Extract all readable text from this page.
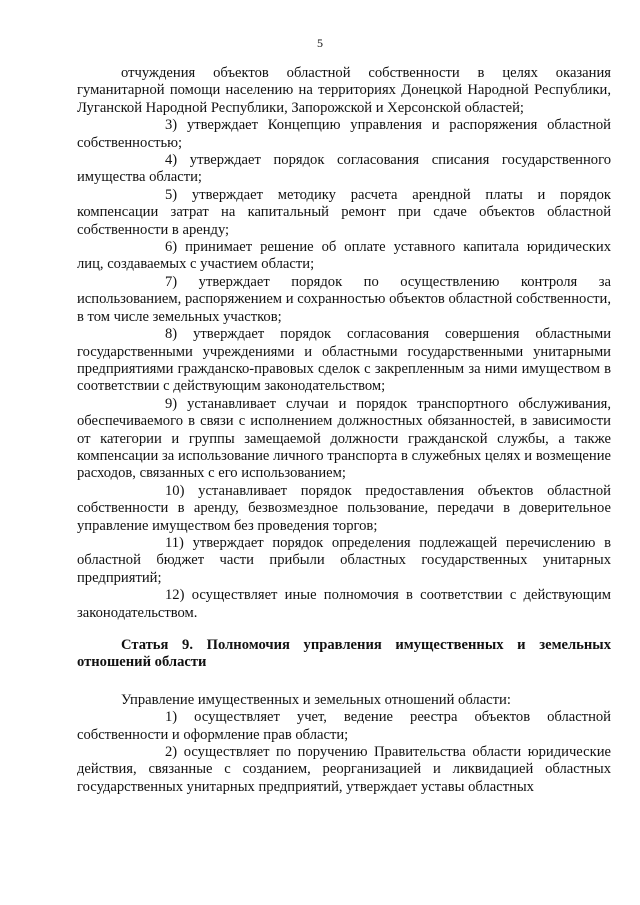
5

отчуждения объектов областной собственности в целях оказания гуманитарной помощи населению на территориях Донецкой Народной Республики, Луганской Народной Республики, Запорожской и Херсонской областей;

3) утверждает Концепцию управления и распоряжения областной собственностью;

4) утверждает порядок согласования списания государственного имущества области;

5) утверждает методику расчета арендной платы и порядок компенсации затрат на капитальный ремонт при сдаче объектов областной собственности в аренду;

6) принимает решение об оплате уставного капитала юридических лиц, создаваемых с участием области;

7) утверждает порядок по осуществлению контроля за использованием, распоряжением и сохранностью объектов областной собственности, в том числе земельных участков;

8) утверждает порядок согласования совершения областными государственными учреждениями и областными государственными унитарными предприятиями гражданско-правовых сделок с закрепленным за ними имуществом в соответствии с действующим законодательством;

9) устанавливает случаи и порядок транспортного обслуживания, обеспечиваемого в связи с исполнением должностных обязанностей, в зависимости от категории и группы замещаемой должности гражданской службы, а также компенсации за использование личного транспорта в служебных целях и возмещение расходов, связанных с его использованием;

10) устанавливает порядок предоставления объектов областной собственности в аренду, безвозмездное пользование, передачи в доверительное управление имуществом без проведения торгов;

11) утверждает порядок определения подлежащей перечислению в областной бюджет части прибыли областных государственных унитарных предприятий;

12) осуществляет иные полномочия в соответствии с действующим законодательством.

Статья 9. Полномочия управления имущественных и земельных отношений области

Управление имущественных и земельных отношений области:

1) осуществляет учет, ведение реестра объектов областной собственности и оформление прав области;

2) осуществляет по поручению Правительства области юридические действия, связанные с созданием, реорганизацией и ликвидацией областных государственных унитарных предприятий, утверждает уставы областных
